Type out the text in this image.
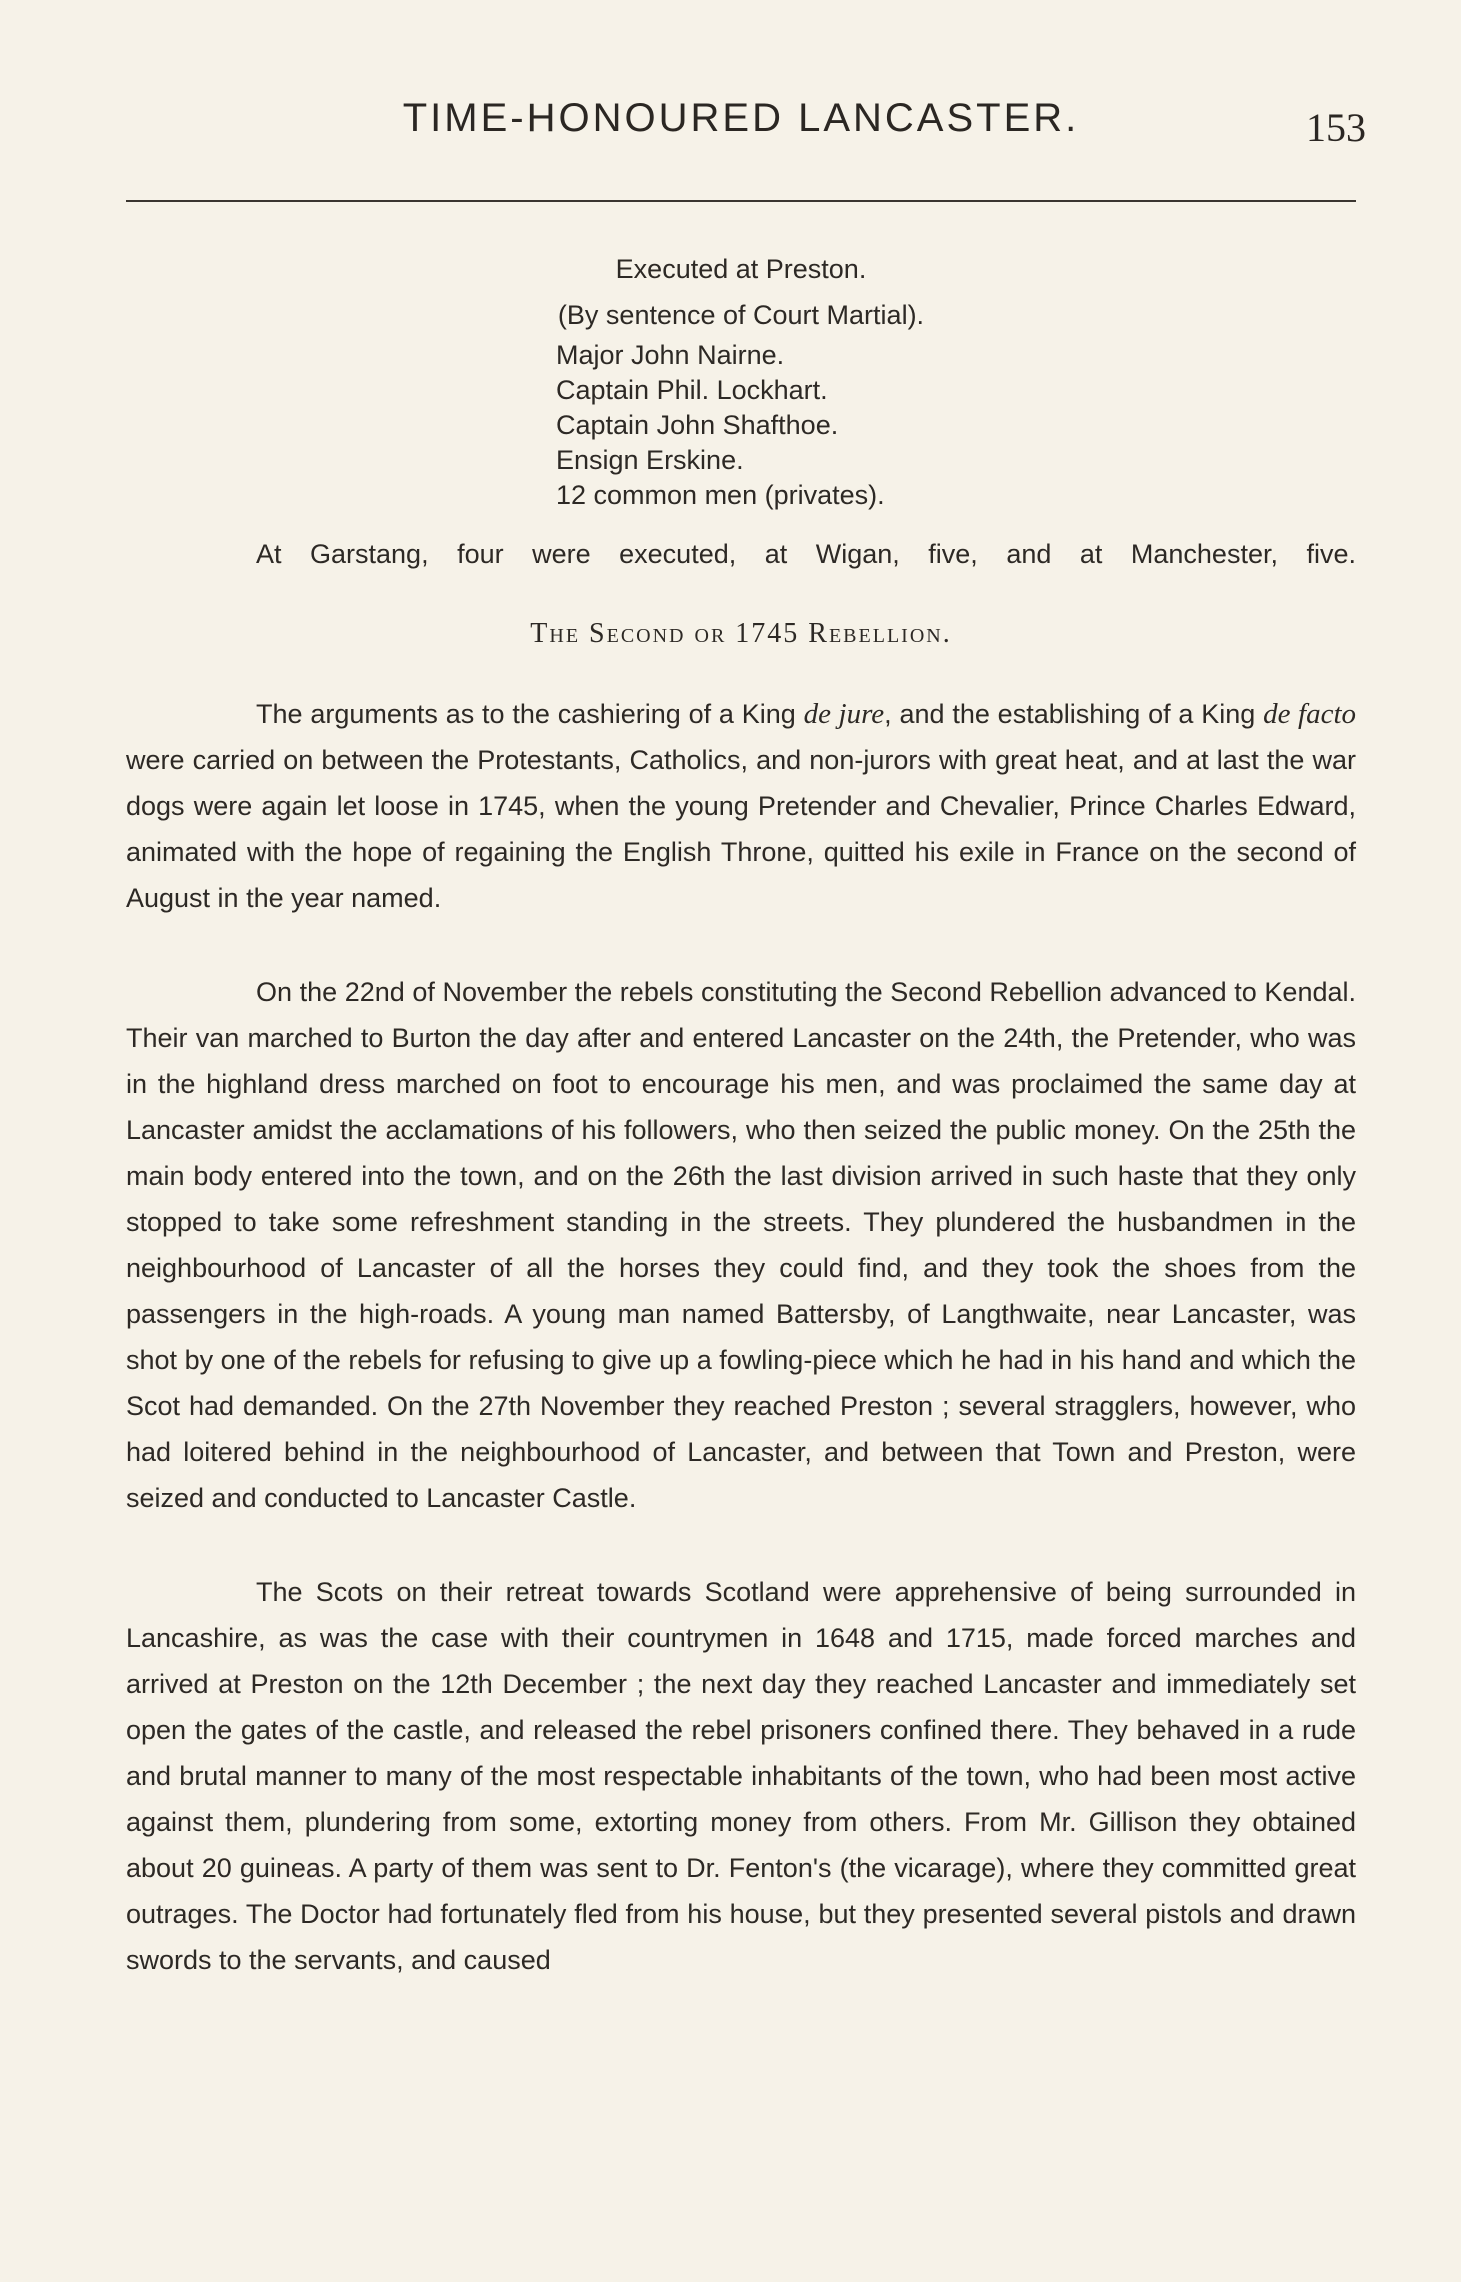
TIME-HONOURED LANCASTER.	153
Executed at Preston.
(By sentence of Court Martial).
Major John Nairne.
Captain Phil. Lockhart.
Captain John Shafthoe.
Ensign Erskine.
12 common men (privates).

At Garstang, four were executed, at Wigan, five, and at Manchester, five.

The Second or 1745 Rebellion.

The arguments as to the cashiering of a King de jure, and the establishing of a King de facto were carried on between the Protestants, Catholics, and non-jurors with great heat, and at last the war dogs were again let loose in 1745, when the young Pretender and Chevalier, Prince Charles Edward, animated with the hope of regaining the English Throne, quitted his exile in France on the second of August in the year named.

On the 22nd of November the rebels constituting the Second Rebellion advanced to Kendal. Their van marched to Burton the day after and entered Lancaster on the 24th, the Pretender, who was in the highland dress marched on foot to encourage his men, and was proclaimed the same day at Lancaster amidst the acclamations of his followers, who then seized the public money. On the 25th the main body entered into the town, and on the 26th the last division arrived in such haste that they only stopped to take some refreshment standing in the streets. They plundered the husbandmen in the neighbourhood of Lancaster of all the horses they could find, and they took the shoes from the passengers in the high-roads. A young man named Battersby, of Langthwaite, near Lancaster, was shot by one of the rebels for refusing to give up a fowling-piece which he had in his hand and which the Scot had demanded. On the 27th November they reached Preston ; several stragglers, however, who had loitered behind in the neighbourhood of Lancaster, and between that Town and Preston, were seized and conducted to Lancaster Castle.

The Scots on their retreat towards Scotland were apprehensive of being surrounded in Lancashire, as was the case with their countrymen in 1648 and 1715, made forced marches and arrived at Preston on the 12th December ; the next day they reached Lancaster and immediately set open the gates of the castle, and released the rebel prisoners confined there. They behaved in a rude and brutal manner to many of the most respectable inhabitants of the town, who had been most active against them, plundering from some, extorting money from others. From Mr. Gillison they obtained about 20 guineas. A party of them was sent to Dr. Fenton's (the vicarage), where they committed great outrages. The Doctor had fortunately fled from his house, but they presented several pistols and drawn swords to the servants, and caused
